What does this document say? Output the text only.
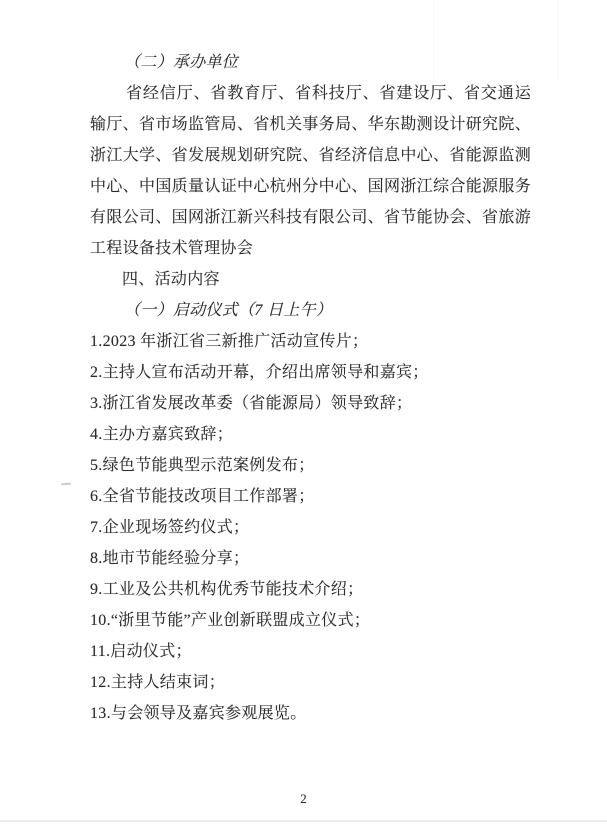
（二）承办单位

省经信厅、省教育厅、省科技厅、省建设厅、省交通运输厅、省市场监管局、省机关事务局、华东勘测设计研究院、浙江大学、省发展规划研究院、省经济信息中心、省能源监测中心、中国质量认证中心杭州分中心、国网浙江综合能源服务有限公司、国网浙江新兴科技有限公司、省节能协会、省旅游工程设备技术管理协会

四、活动内容
（一）启动仪式（7 日上午）

1.2023 年浙江省三新推广活动宣传片；

2.主持人宣布活动开幕，介绍出席领导和嘉宾；

3.浙江省发展改革委（省能源局）领导致辞；

4.主办方嘉宾致辞；

5.绿色节能典型示范案例发布；

6.全省节能技改项目工作部署；

7.企业现场签约仪式；

8.地市节能经验分享；

9.工业及公共机构优秀节能技术介绍；

10.“浙里节能”产业创新联盟成立仪式；

11.启动仪式；

12.主持人结束词；

13.与会领导及嘉宾参观展览。

2
